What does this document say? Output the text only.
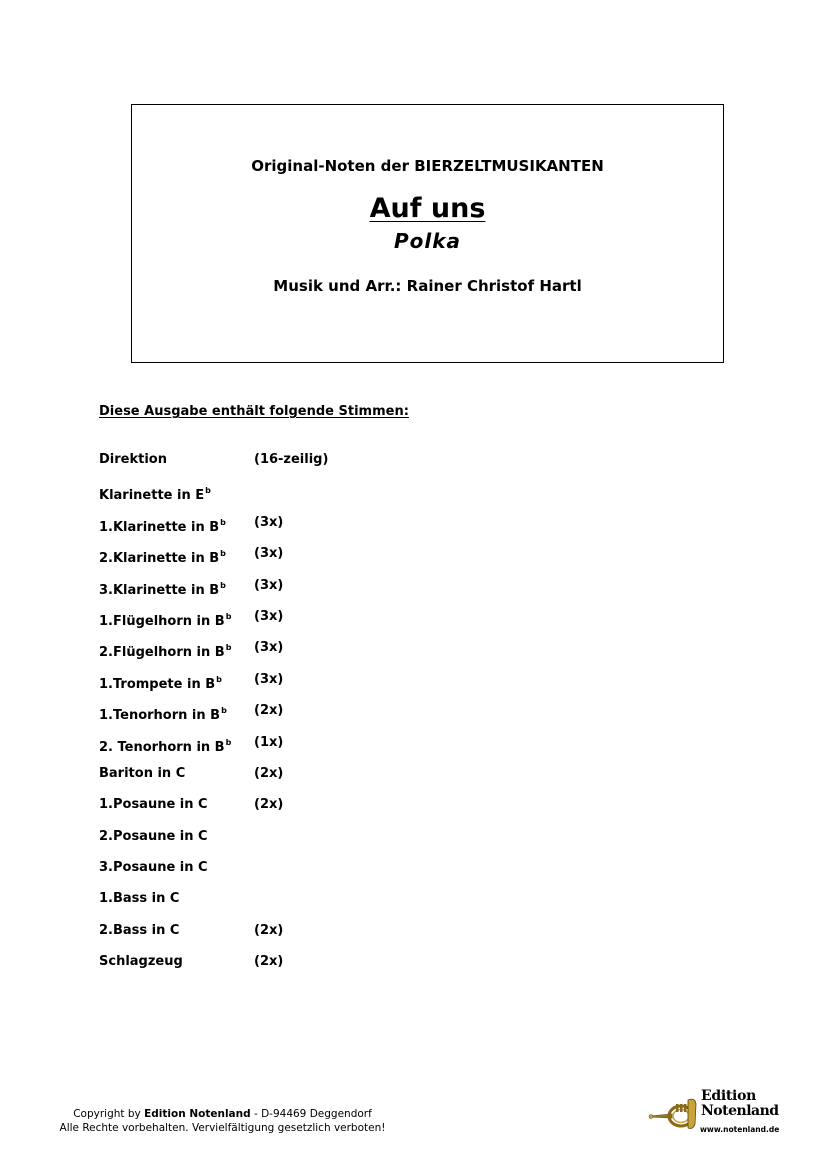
Original-Noten der BIERZELTMUSIKANTEN
Auf uns
Polka
Musik und Arr.: Rainer Christof Hartl
Diese Ausgabe enthält folgende Stimmen:
Direktion	(16-zeilig)
Klarinette in $E^b$
1.Klarinette in $B^b$ (3x)
2.Klarinette in $B^b$ (3x)
3.Klarinette in $B^b$ (3x)
1.Flügelhorn in $B^b$ (3x)
2.Flügelhorn in $B^b$ (3x)
1.Trompete in $B^b$ (3x)
1.Tenorhorn in $B^b$ (2x)
2. Tenorhorn in $B^b$ (1x)
Bariton in C	(2x)
1.Posaune in C	(2x)
2.Posaune in C
3.Posaune in C
1.Bass in C
2.Bass in C	(2x)
Schlagzeug	(2x)
Copyright by Edition Notenland - D-94469 Deggendorf
Alle Rechte vorbehalten. Vervielfältigung gesetzlich verboten!
Edition
Notenland
www.notenland.de
